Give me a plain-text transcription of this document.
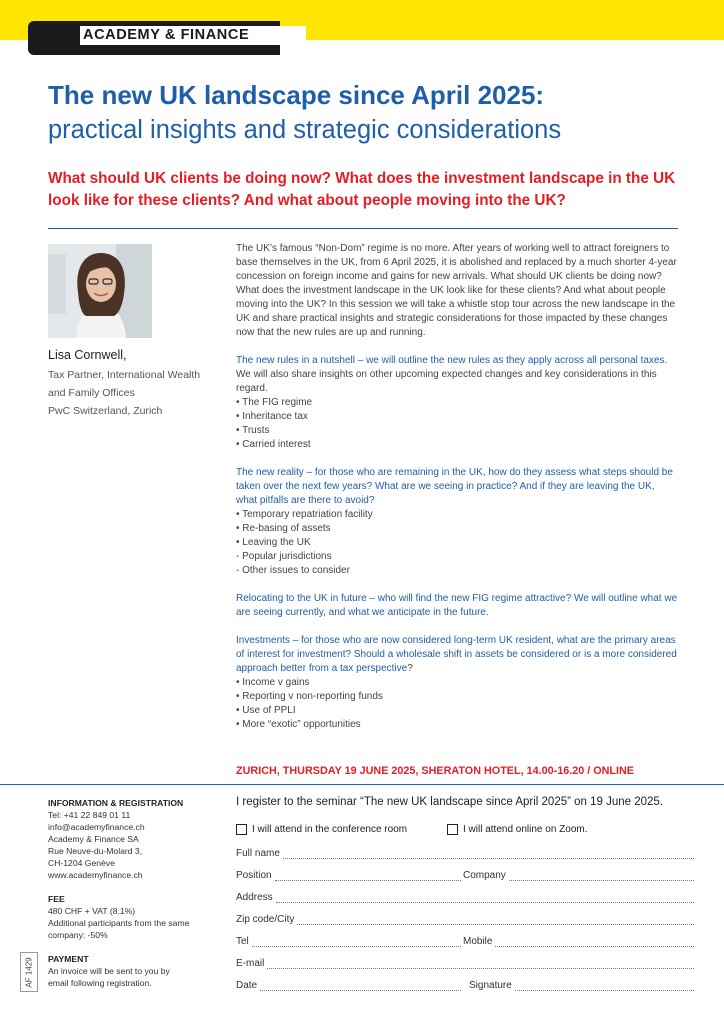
ACADEMY & FINANCE
The new UK landscape since April 2025:
practical insights and strategic considerations

What should UK clients be doing now? What does the investment landscape in the UK look like for these clients? And what about people moving into the UK?

Lisa Cornwell,
Tax Partner, International Wealth
and Family Offices
PwC Switzerland, Zurich

The UK’s famous “Non-Dom” regime is no more. After years of working well to attract foreigners to base themselves in the UK, from 6 April 2025, it is abolished and replaced by a much shorter 4-year concession on foreign income and gains for new arrivals. What should UK clients be doing now? What does the investment landscape in the UK look like for these clients? And what about people moving into the UK? In this session we will take a whistle stop tour across the new landscape in the UK and share practical insights and strategic considerations for those impacted by these changes now that the new rules are up and running.

The new rules in a nutshell – we will outline the new rules as they apply across all personal taxes.

We will also share insights on other upcoming expected changes and key considerations in this regard.

• The FIG regime

• Inheritance tax

• Trusts

• Carried interest

The new reality – for those who are remaining in the UK, how do they assess what steps should be taken over the next few years? What are we seeing in practice? And if they are leaving the UK, what pitfalls are there to avoid?

• Temporary repatriation facility

• Re-basing of assets

• Leaving the UK

- Popular jurisdictions

- Other issues to consider

Relocating to the UK in future – who will find the new FIG regime attractive? We will outline what we are seeing currently, and what we anticipate in the future.

Investments – for those who are now considered long-term UK resident, what are the primary areas of interest for investment? Should a wholesale shift in assets be considered or is a more considered approach better from a tax perspective?

• Income v gains

• Reporting v non-reporting funds

• Use of PPLI

• More “exotic” opportunities

ZURICH, THURSDAY 19 JUNE 2025, SHERATON HOTEL, 14.00-16.20 / ONLINE
INFORMATION & REGISTRATION
Tel: +41 22 849 01 11
info@academyfinance.ch
Academy & Finance SA
Rue Neuve-du-Molard 3,
CH-1204 Genève
www.academyfinance.ch
FEE
480 CHF + VAT (8.1%)
Additional participants from the same
company: -50%
PAYMENT
An invoice will be sent to you by
email following registration.
AF 1429
I register to the seminar “The new UK landscape since April 2025” on 19 June 2025.
I will attend in the conference room	I will attend online on Zoom.
Full name
Position	Company
Address
Zip code/City
Tel	Mobile
E-mail
Date	Signature
